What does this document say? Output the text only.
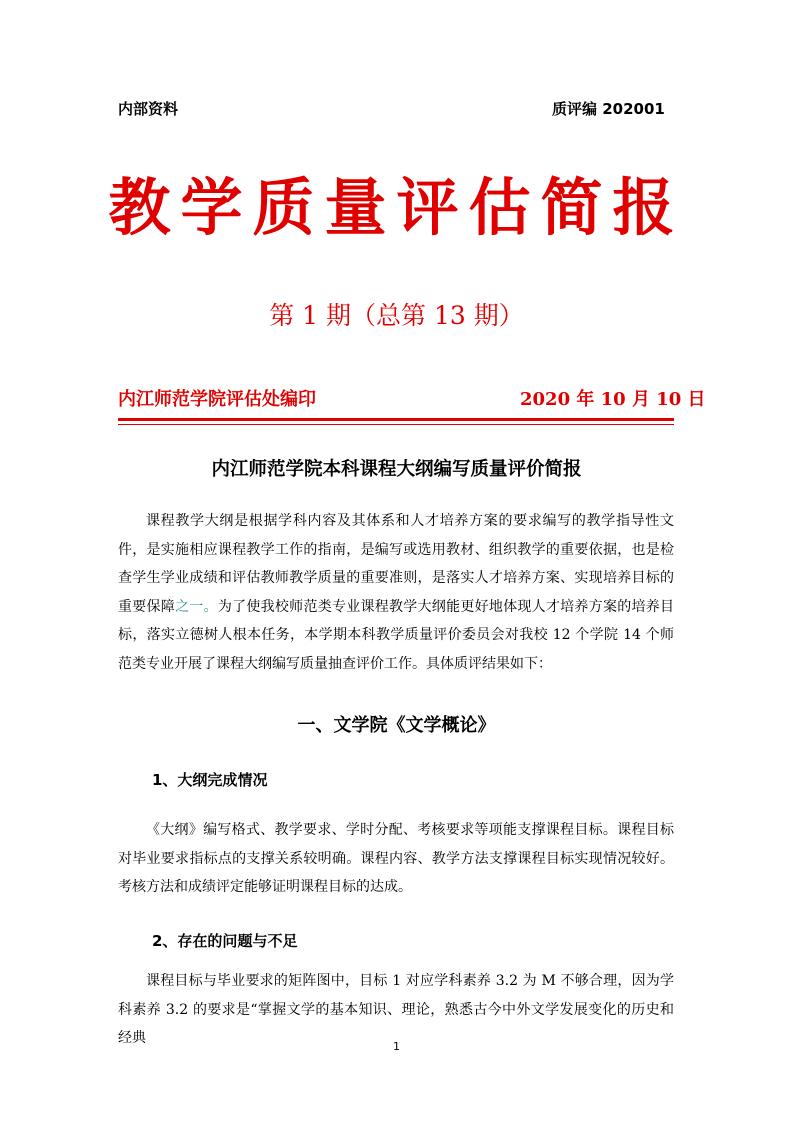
内部资料	质评编 202001
教学质量评估简报
第 1 期（总第 13 期）
内江师范学院评估处编印	2020 年 10 月 10 日
内江师范学院本科课程大纲编写质量评价简报
课程教学大纲是根据学科内容及其体系和人才培养方案的要求编写的教学指导性文件，是实施相应课程教学工作的指南，是编写或选用教材、组织教学的重要依据，也是检查学生学业成绩和评估教师教学质量的重要准则，是落实人才培养方案、实现培养目标的重要保障之一。为了使我校师范类专业课程教学大纲能更好地体现人才培养方案的培养目标，落实立德树人根本任务，本学期本科教学质量评价委员会对我校 12 个学院 14 个师范类专业开展了课程大纲编写质量抽查评价工作。具体质评结果如下：
一、文学院《文学概论》
1、大纲完成情况
《大纲》编写格式、教学要求、学时分配、考核要求等项能支撑课程目标。课程目标对毕业要求指标点的支撑关系较明确。课程内容、教学方法支撑课程目标实现情况较好。考核方法和成绩评定能够证明课程目标的达成。
2、存在的问题与不足
课程目标与毕业要求的矩阵图中，目标 1 对应学科素养 3.2 为 M 不够合理，因为学科素养 3.2 的要求是“掌握文学的基本知识、理论，熟悉古今中外文学发展变化的历史和经典
1
